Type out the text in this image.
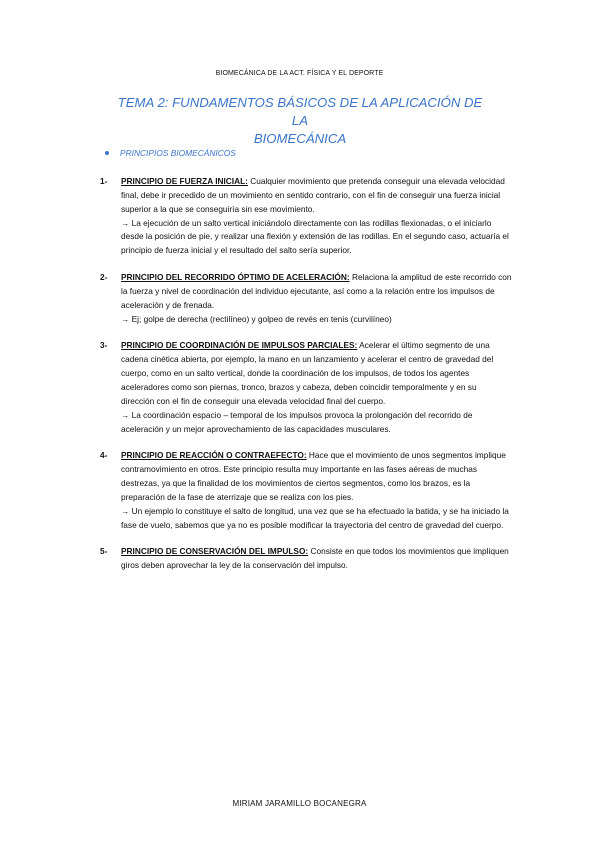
BIOMECÁNICA DE LA ACT. FÍSICA Y EL DEPORTE
TEMA 2: FUNDAMENTOS BÁSICOS DE LA APLICACIÓN DE LA
BIOMECÁNICA
PRINCIPIOS BIOMECÁNICOS
1- PRINCIPIO DE FUERZA INICIAL: Cualquier movimiento que pretenda conseguir una elevada velocidad final, debe ir precedido de un movimiento en sentido contrario, con el fin de conseguir una fuerza inicial superior a la que se conseguiría sin ese movimiento.

→ La ejecución de un salto vertical iniciándolo directamente con las rodillas flexionadas, o el iniciarlo desde la posición de pie, y realizar una flexión y extensión de las rodillas. En el segundo caso, actuaría el principio de fuerza inicial y el resultado del salto sería superior.

2- PRINCIPIO DEL RECORRIDO ÓPTIMO DE ACELERACIÓN: Relaciona la amplitud de este recorrido con la fuerza y nivel de coordinación del individuo ejecutante, así como a la relación entre los impulsos de aceleración y de frenada.

→ Ej; golpe de derecha (rectilíneo) y golpeo de revés en tenis (curvilíneo)

3- PRINCIPIO DE COORDINACIÓN DE IMPULSOS PARCIALES: Acelerar el último segmento de una cadena cinética abierta, por ejemplo, la mano en un lanzamiento y acelerar el centro de gravedad del cuerpo, como en un salto vertical, donde la coordinación de los impulsos, de todos los agentes aceleradores como son piernas, tronco, brazos y cabeza, deben coincidir temporalmente y en su dirección con el fin de conseguir una elevada velocidad final del cuerpo.

→ La coordinación espacio – temporal de los impulsos provoca la prolongación del recorrido de aceleración y un mejor aprovechamiento de las capacidades musculares.

4- PRINCIPIO DE REACCIÓN O CONTRAEFECTO: Hace que el movimiento de unos segmentos implique contramovimiento en otros. Este principio resulta muy importante en las fases aéreas de muchas destrezas, ya que la finalidad de los movimientos de ciertos segmentos, como los brazos, es la preparación de la fase de aterrizaje que se realiza con los pies.

→ Un ejemplo lo constituye el salto de longitud, una vez que se ha efectuado la batida, y se ha iniciado la fase de vuelo, sabemos que ya no es posible modificar la trayectoria del centro de gravedad del cuerpo.

5- PRINCIPIO DE CONSERVACIÓN DEL IMPULSO: Consiste en que todos los movimientos que impliquen giros deben aprovechar la ley de la conservación del impulso.

MIRIAM JARAMILLO BOCANEGRA
